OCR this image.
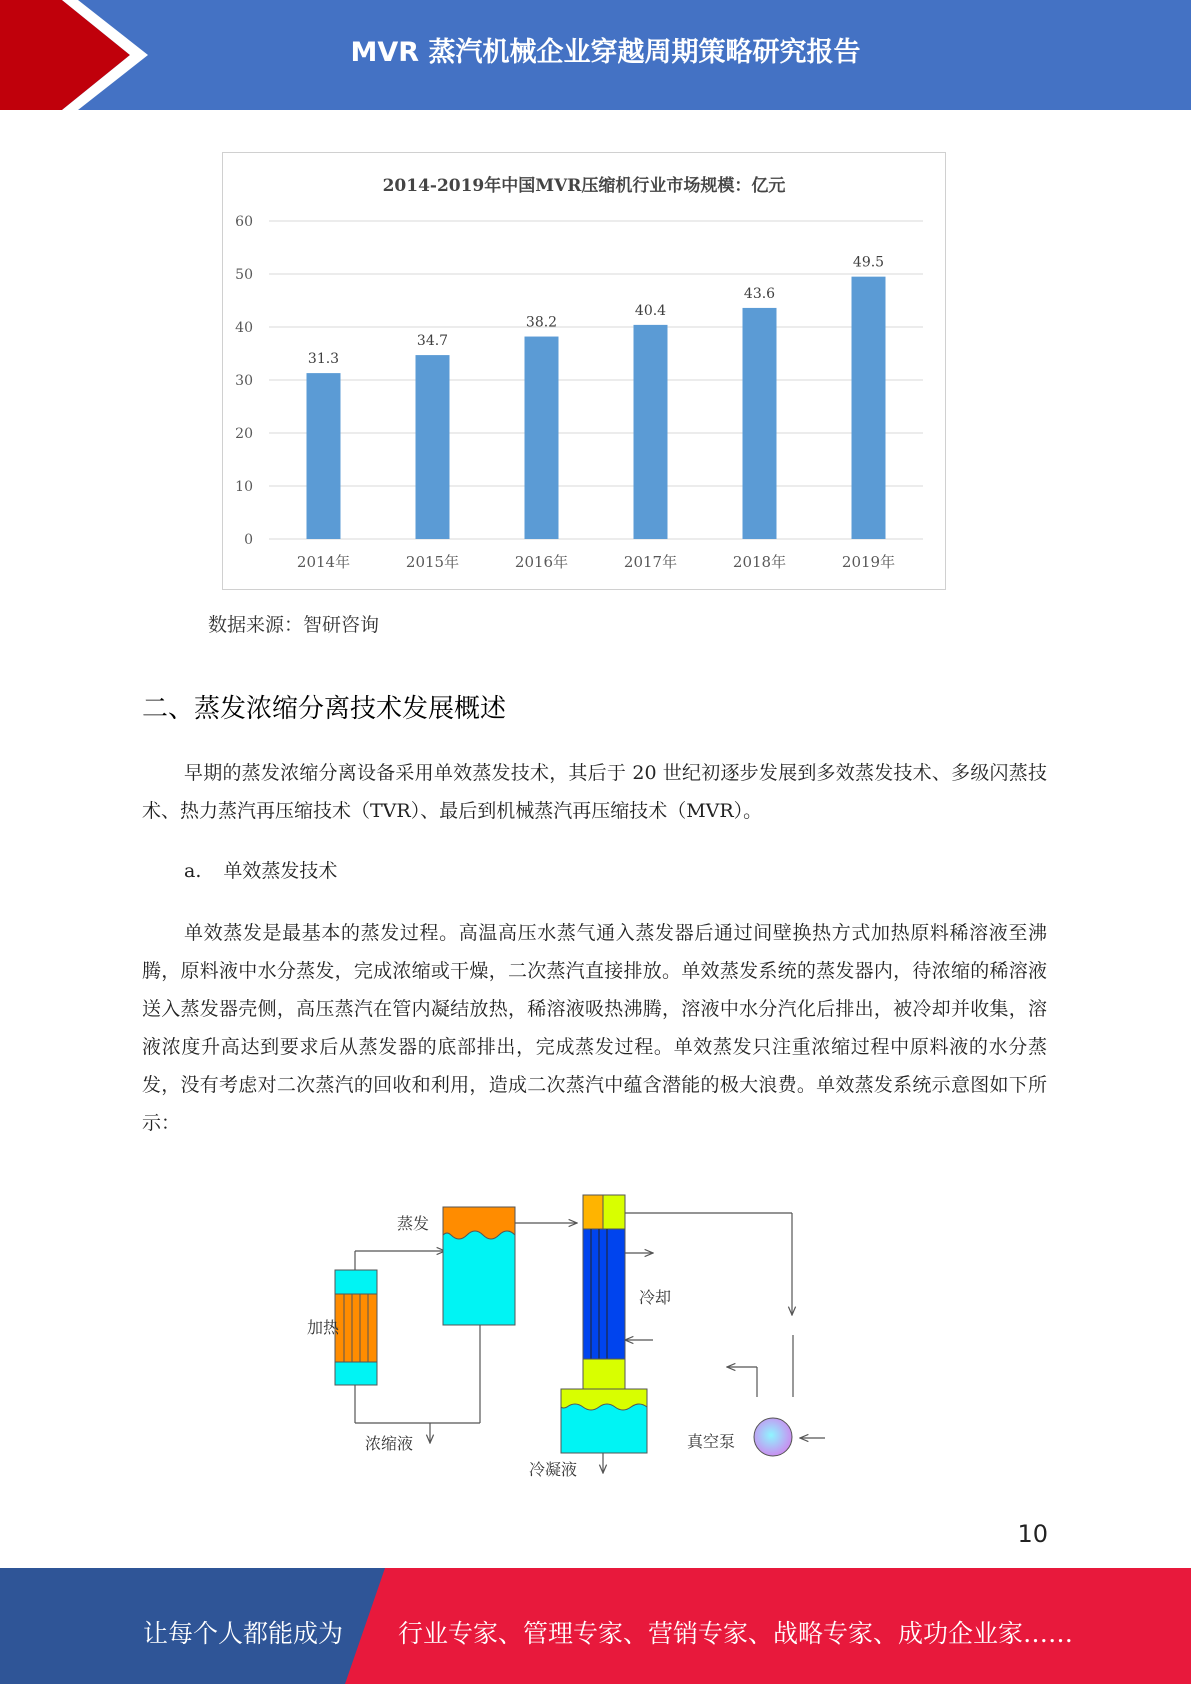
MVR 蒸汽机械企业穿越周期策略研究报告
2014-2019年中国MVR压缩机行业市场规模：亿元
0
10
20
30
40
50
60
31.3
2014年
34.7
2015年
38.2
2016年
40.4
2017年
43.6
2018年
49.5
2019年
数据来源：智研咨询
二、蒸发浓缩分离技术发展概述

早期的蒸发浓缩分离设备采用单效蒸发技术，其后于 20 世纪初逐步发展到多效蒸发技术、多级闪蒸技术、热力蒸汽再压缩技术（TVR）、最后到机械蒸汽再压缩技术（MVR）。

a. 单效蒸发技术

单效蒸发是最基本的蒸发过程。高温高压水蒸气通入蒸发器后通过间壁换热方式加热原料稀溶液至沸腾，原料液中水分蒸发，完成浓缩或干燥，二次蒸汽直接排放。单效蒸发系统的蒸发器内，待浓缩的稀溶液送入蒸发器壳侧，高压蒸汽在管内凝结放热，稀溶液吸热沸腾，溶液中水分汽化后排出，被冷却并收集，溶液浓度升高达到要求后从蒸发器的底部排出，完成蒸发过程。单效蒸发只注重浓缩过程中原料液的水分蒸发，没有考虑对二次蒸汽的回收和利用，造成二次蒸汽中蕴含潜能的极大浪费。单效蒸发系统示意图如下所示：

蒸发
加热
浓缩液
冷却
冷凝液
真空泵
10
让每个人都能成为 行业专家、管理专家、营销专家、战略专家、成功企业家……
